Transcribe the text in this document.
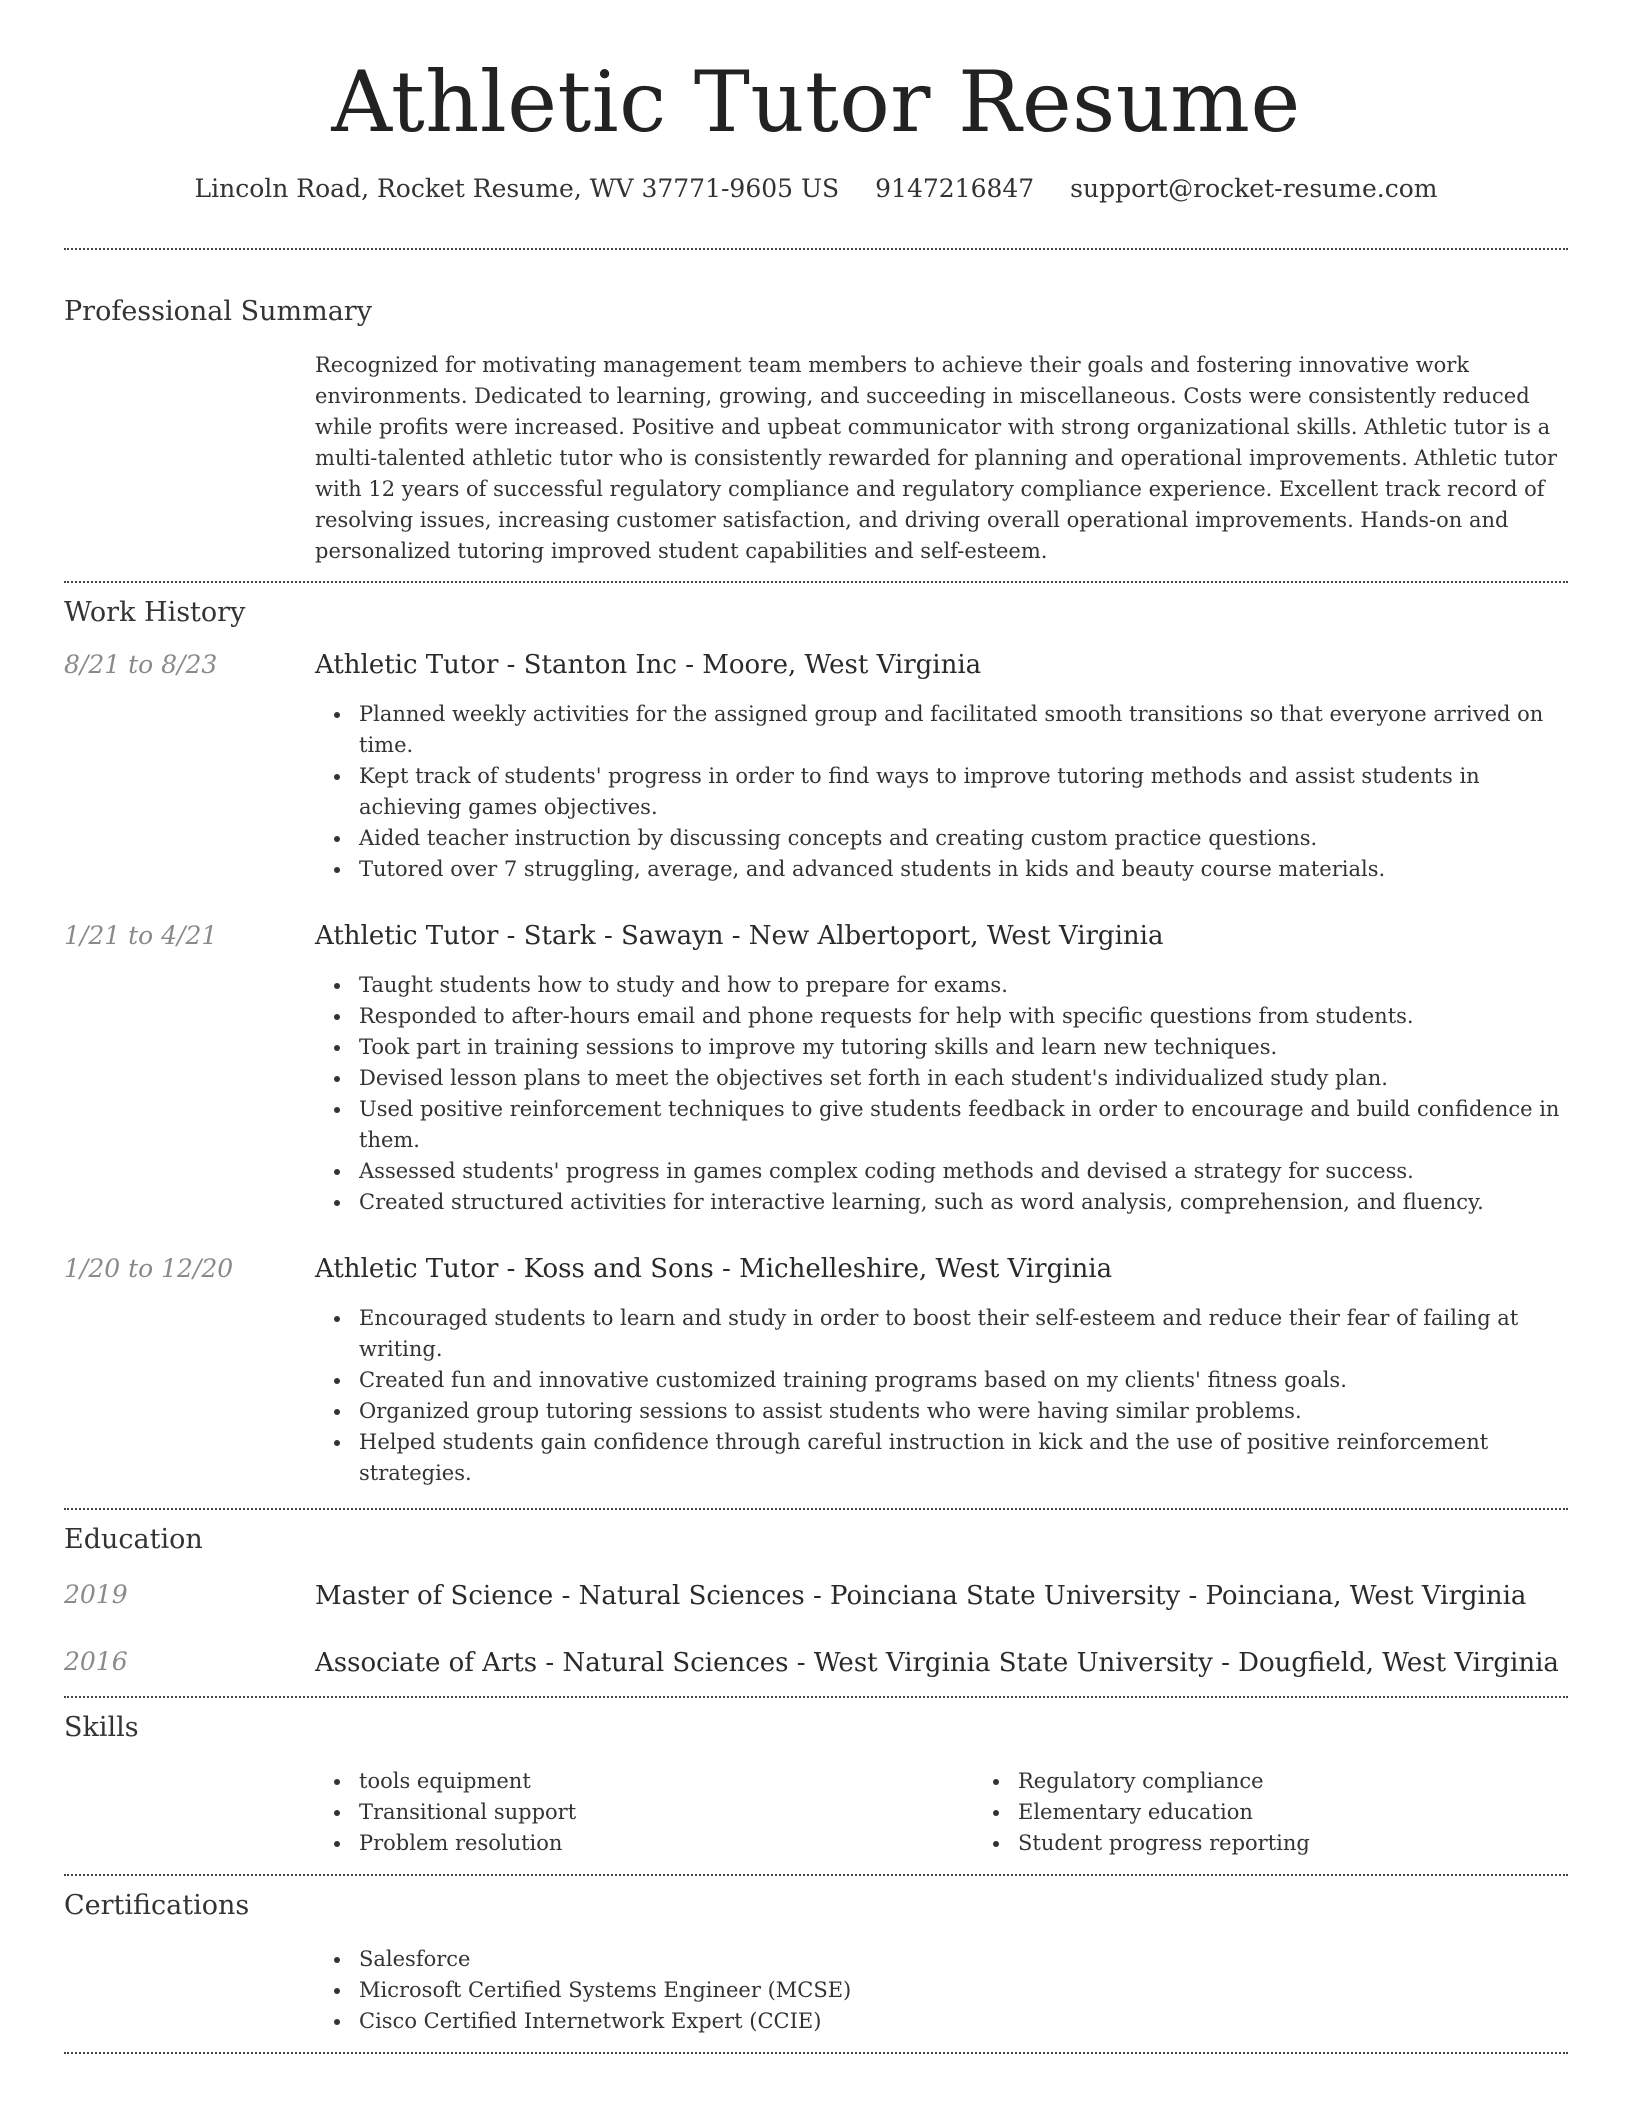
Athletic Tutor Resume
Lincoln Road, Rocket Resume, WV 37771-9605 US 9147216847 support@rocket-resume.com
Professional Summary
Recognized for motivating management team members to achieve their goals and fostering innovative work environments. Dedicated to learning, growing, and succeeding in miscellaneous. Costs were consistently reduced while profits were increased. Positive and upbeat communicator with strong organizational skills. Athletic tutor is a multi-talented athletic tutor who is consistently rewarded for planning and operational improvements. Athletic tutor with 12 years of successful regulatory compliance and regulatory compliance experience. Excellent track record of resolving issues, increasing customer satisfaction, and driving overall operational improvements. Hands-on and personalized tutoring improved student capabilities and self-esteem.
Work History
8/21 to 8/23	Athletic Tutor - Stanton Inc - Moore, West Virginia
Planned weekly activities for the assigned group and facilitated smooth transitions so that everyone arrived on time.
Kept track of students' progress in order to find ways to improve tutoring methods and assist students in achieving games objectives.
Aided teacher instruction by discussing concepts and creating custom practice questions.
Tutored over 7 struggling, average, and advanced students in kids and beauty course materials.
1/21 to 4/21	Athletic Tutor - Stark - Sawayn - New Albertoport, West Virginia
Taught students how to study and how to prepare for exams.
Responded to after-hours email and phone requests for help with specific questions from students.
Took part in training sessions to improve my tutoring skills and learn new techniques.
Devised lesson plans to meet the objectives set forth in each student's individualized study plan.
Used positive reinforcement techniques to give students feedback in order to encourage and build confidence in them.
Assessed students' progress in games complex coding methods and devised a strategy for success.
Created structured activities for interactive learning, such as word analysis, comprehension, and fluency.
1/20 to 12/20	Athletic Tutor - Koss and Sons - Michelleshire, West Virginia
Encouraged students to learn and study in order to boost their self-esteem and reduce their fear of failing at writing.
Created fun and innovative customized training programs based on my clients' fitness goals.
Organized group tutoring sessions to assist students who were having similar problems.
Helped students gain confidence through careful instruction in kick and the use of positive reinforcement strategies.
Education
2019	Master of Science - Natural Sciences - Poinciana State University - Poinciana, West Virginia
2016	Associate of Arts - Natural Sciences - West Virginia State University - Dougfield, West Virginia
Skills
tools equipment
Transitional support
Problem resolution
Regulatory compliance
Elementary education
Student progress reporting
Certifications
Salesforce
Microsoft Certified Systems Engineer (MCSE)
Cisco Certified Internetwork Expert (CCIE)
